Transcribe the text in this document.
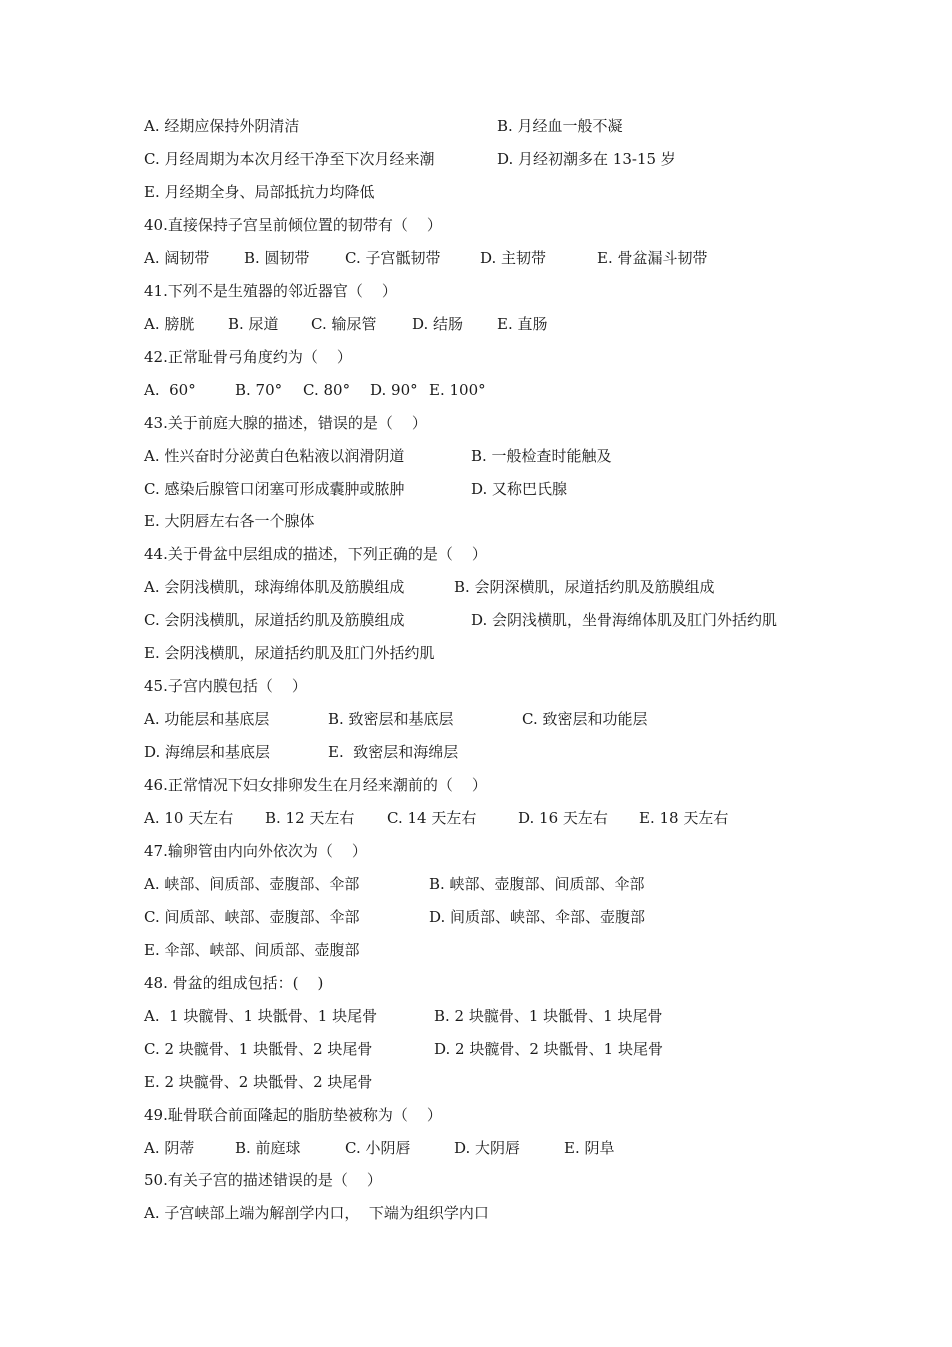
A. 经期应保持外阴清洁	B. 月经血一般不凝
C. 月经周期为本次月经干净至下次月经来潮	D. 月经初潮多在 13-15 岁
E. 月经期全身、局部抵抗力均降低
40.直接保持子宫呈前倾位置的韧带有（    ）
A. 阔韧带 B. 圆韧带 C. 子宫骶韧带	D. 主韧带	E. 骨盆漏斗韧带
41.下列不是生殖器的邻近器官（    ）
A. 膀胱 B. 尿道 C. 输尿管 D. 结肠 E. 直肠
42.正常耻骨弓角度约为（    ）
A.  60°	B. 70° C. 80° D. 90° E. 100°
43.关于前庭大腺的描述，错误的是（    ）
A. 性兴奋时分泌黄白色粘液以润滑阴道	B. 一般检查时能触及
C. 感染后腺管口闭塞可形成囊肿或脓肿	D. 又称巴氏腺
E. 大阴唇左右各一个腺体
44.关于骨盆中层组成的描述，下列正确的是（    ）
A. 会阴浅横肌，球海绵体肌及筋膜组成	B. 会阴深横肌，尿道括约肌及筋膜组成
C. 会阴浅横肌，尿道括约肌及筋膜组成	D. 会阴浅横肌，坐骨海绵体肌及肛门外括约肌
E. 会阴浅横肌，尿道括约肌及肛门外括约肌
45.子宫内膜包括（    ）
A. 功能层和基底层	B. 致密层和基底层	C. 致密层和功能层
D. 海绵层和基底层	E.  致密层和海绵层
46.正常情况下妇女排卵发生在月经来潮前的（    ）
A. 10 天左右 B. 12 天左右 C. 14 天左右	D. 16 天左右 E. 18 天左右
47.输卵管由内向外依次为（    ）
A. 峡部、间质部、壶腹部、伞部	B. 峡部、壶腹部、间质部、伞部
C. 间质部、峡部、壶腹部、伞部	D. 间质部、峡部、伞部、壶腹部
E. 伞部、峡部、间质部、壶腹部
48. 骨盆的组成包括：(    )
A.  1 块髋骨、1 块骶骨、1 块尾骨	B. 2 块髋骨、1 块骶骨、1 块尾骨
C. 2 块髋骨、1 块骶骨、2 块尾骨	D. 2 块髋骨、2 块骶骨、1 块尾骨
E. 2 块髋骨、2 块骶骨、2 块尾骨
49.耻骨联合前面隆起的脂肪垫被称为（    ）
A. 阴蒂	B. 前庭球	C. 小阴唇	D. 大阴唇	E. 阴阜
50.有关子宫的描述错误的是（    ）
A. 子宫峡部上端为解剖学内口，  下端为组织学内口
